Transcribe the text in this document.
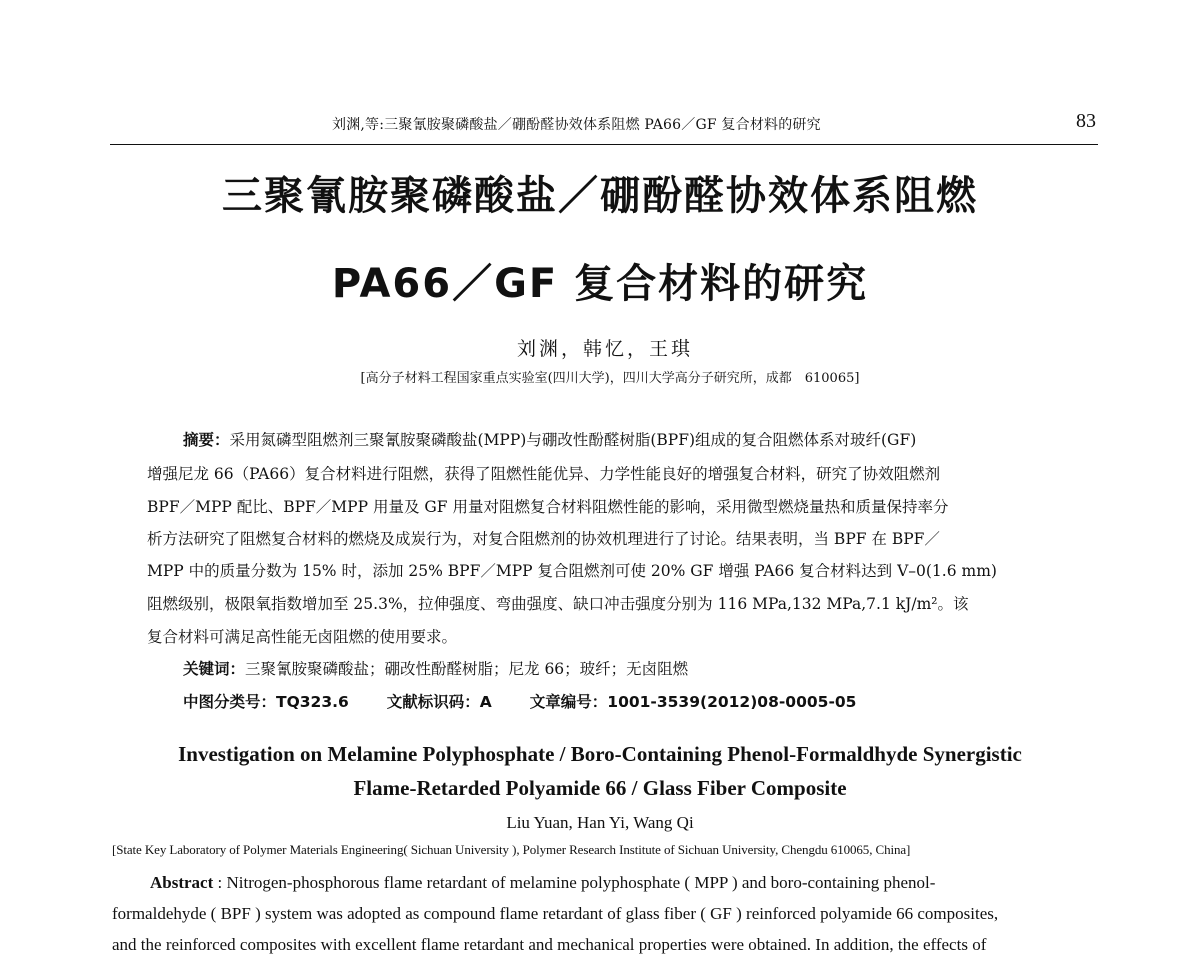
刘渊,等:三聚氰胺聚磷酸盐／硼酚醛协效体系阻燃 PA66／GF 复合材料的研究	83
三聚氰胺聚磷酸盐／硼酚醛协效体系阻燃
PA66／GF 复合材料的研究
刘渊，韩忆，王琪
[高分子材料工程国家重点实验室(四川大学)，四川大学高分子研究所，成都　610065]
摘要：采用氮磷型阻燃剂三聚氰胺聚磷酸盐(MPP)与硼改性酚醛树脂(BPF)组成的复合阻燃体系对玻纤(GF)
增强尼龙 66（PA66）复合材料进行阻燃，获得了阻燃性能优异、力学性能良好的增强复合材料，研究了协效阻燃剂
BPF／MPP 配比、BPF／MPP 用量及 GF 用量对阻燃复合材料阻燃性能的影响，采用微型燃烧量热和质量保持率分
析方法研究了阻燃复合材料的燃烧及成炭行为，对复合阻燃剂的协效机理进行了讨论。结果表明，当 BPF 在 BPF／
MPP 中的质量分数为 15% 时，添加 25% BPF／MPP 复合阻燃剂可使 20% GF 增强 PA66 复合材料达到 V–0(1.6 mm)
阻燃级别，极限氧指数增加至 25.3%，拉伸强度、弯曲强度、缺口冲击强度分别为 116 MPa,132 MPa,7.1 kJ/m²。该
复合材料可满足高性能无卤阻燃的使用要求。
关键词：三聚氰胺聚磷酸盐；硼改性酚醛树脂；尼龙 66；玻纤；无卤阻燃
中图分类号：TQ323.6 文献标识码：A 文章编号：1001-3539(2012)08-0005-05
Investigation on Melamine Polyphosphate / Boro-Containing Phenol-Formaldhyde Synergistic
Flame-Retarded Polyamide 66 / Glass Fiber Composite
Liu Yuan, Han Yi, Wang Qi
[State Key Laboratory of Polymer Materials Engineering( Sichuan University ), Polymer Research Institute of Sichuan University, Chengdu 610065, China]
Abstract : Nitrogen-phosphorous flame retardant of melamine polyphosphate ( MPP ) and boro-containing phenol-
formaldehyde ( BPF ) system was adopted as compound flame retardant of glass fiber ( GF ) reinforced polyamide 66 composites,
and the reinforced composites with excellent flame retardant and mechanical properties were obtained. In addition, the effects of
